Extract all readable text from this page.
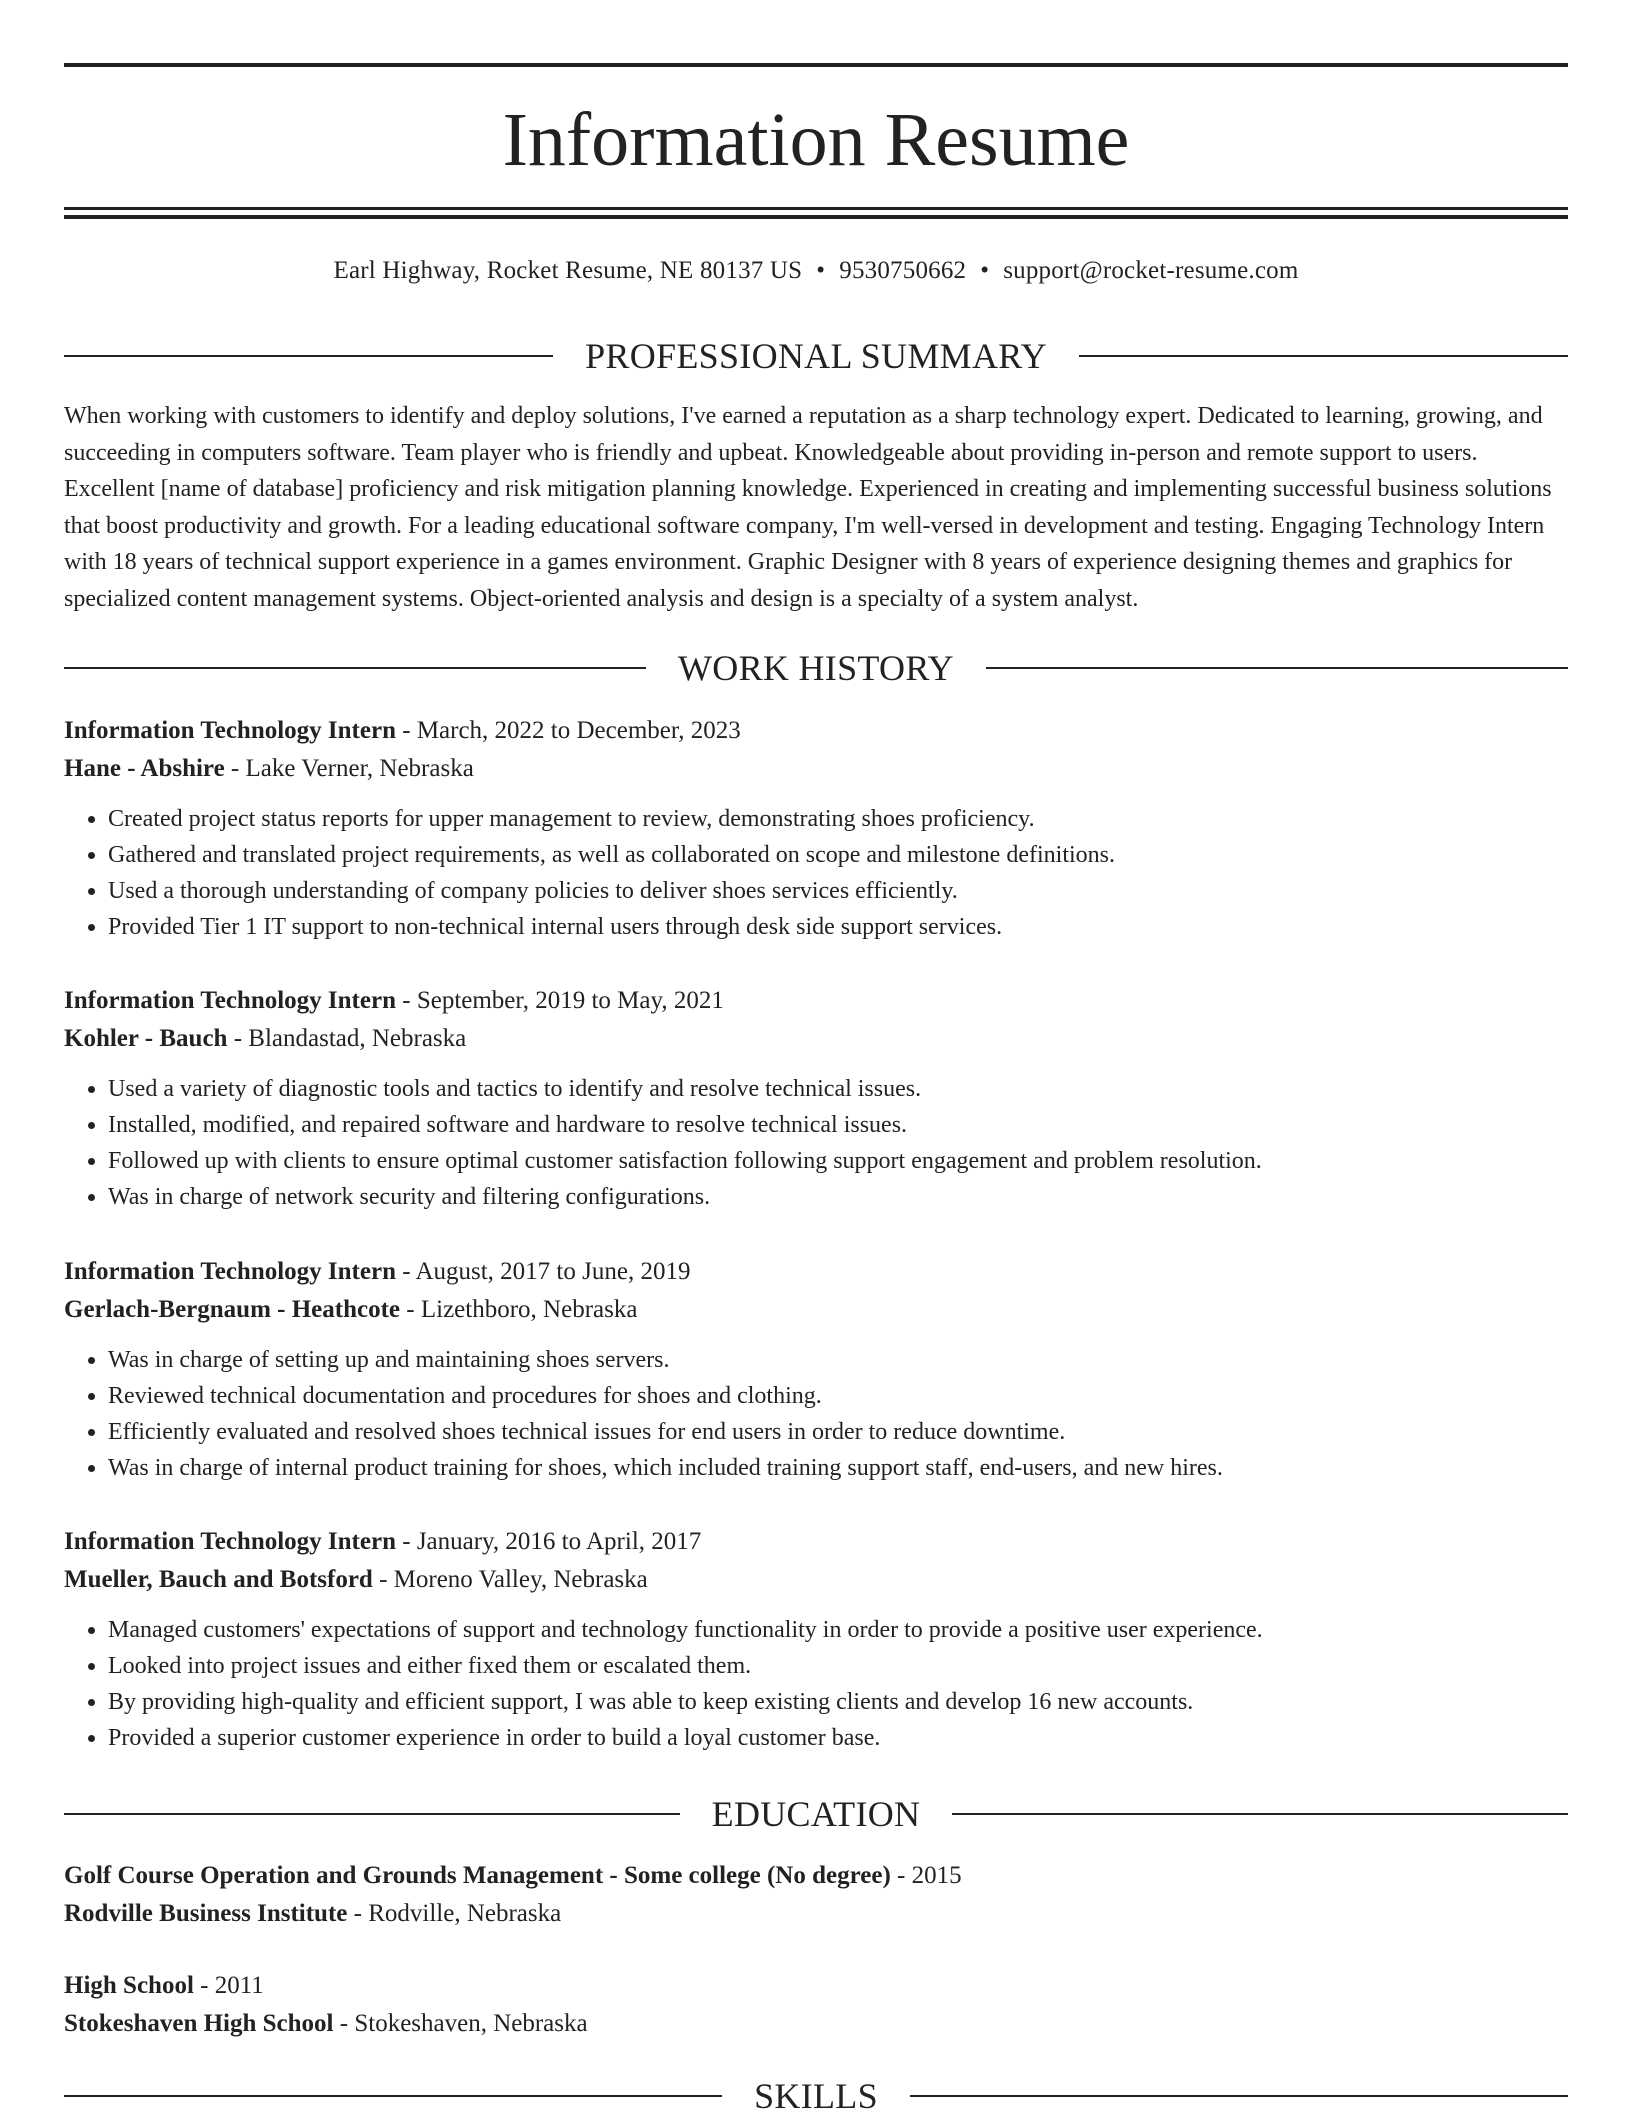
Information Resume
Earl Highway, Rocket Resume, NE 80137 US • 9530750662 • support@rocket-resume.com
PROFESSIONAL SUMMARY

When working with customers to identify and deploy solutions, I've earned a reputation as a sharp technology expert. Dedicated to learning, growing, and succeeding in computers software. Team player who is friendly and upbeat. Knowledgeable about providing in-person and remote support to users. Excellent [name of database] proficiency and risk mitigation planning knowledge. Experienced in creating and implementing successful business solutions that boost productivity and growth. For a leading educational software company, I'm well-versed in development and testing. Engaging Technology Intern with 18 years of technical support experience in a games environment. Graphic Designer with 8 years of experience designing themes and graphics for specialized content management systems. Object-oriented analysis and design is a specialty of a system analyst.

WORK HISTORY
Information Technology Intern - March, 2022 to December, 2023
Hane - Abshire - Lake Verner, Nebraska
• Created project status reports for upper management to review, demonstrating shoes proficiency.
• Gathered and translated project requirements, as well as collaborated on scope and milestone definitions.
• Used a thorough understanding of company policies to deliver shoes services efficiently.
• Provided Tier 1 IT support to non-technical internal users through desk side support services.
Information Technology Intern - September, 2019 to May, 2021
Kohler - Bauch - Blandastad, Nebraska
• Used a variety of diagnostic tools and tactics to identify and resolve technical issues.
• Installed, modified, and repaired software and hardware to resolve technical issues.
• Followed up with clients to ensure optimal customer satisfaction following support engagement and problem resolution.
• Was in charge of network security and filtering configurations.
Information Technology Intern - August, 2017 to June, 2019
Gerlach-Bergnaum - Heathcote - Lizethboro, Nebraska
• Was in charge of setting up and maintaining shoes servers.
• Reviewed technical documentation and procedures for shoes and clothing.
• Efficiently evaluated and resolved shoes technical issues for end users in order to reduce downtime.
• Was in charge of internal product training for shoes, which included training support staff, end-users, and new hires.
Information Technology Intern - January, 2016 to April, 2017
Mueller, Bauch and Botsford - Moreno Valley, Nebraska
• Managed customers' expectations of support and technology functionality in order to provide a positive user experience.
• Looked into project issues and either fixed them or escalated them.
• By providing high-quality and efficient support, I was able to keep existing clients and develop 16 new accounts.
• Provided a superior customer experience in order to build a loyal customer base.
EDUCATION
Golf Course Operation and Grounds Management - Some college (No degree) - 2015
Rodville Business Institute - Rodville, Nebraska
High School - 2011
Stokeshaven High School - Stokeshaven, Nebraska
SKILLS
